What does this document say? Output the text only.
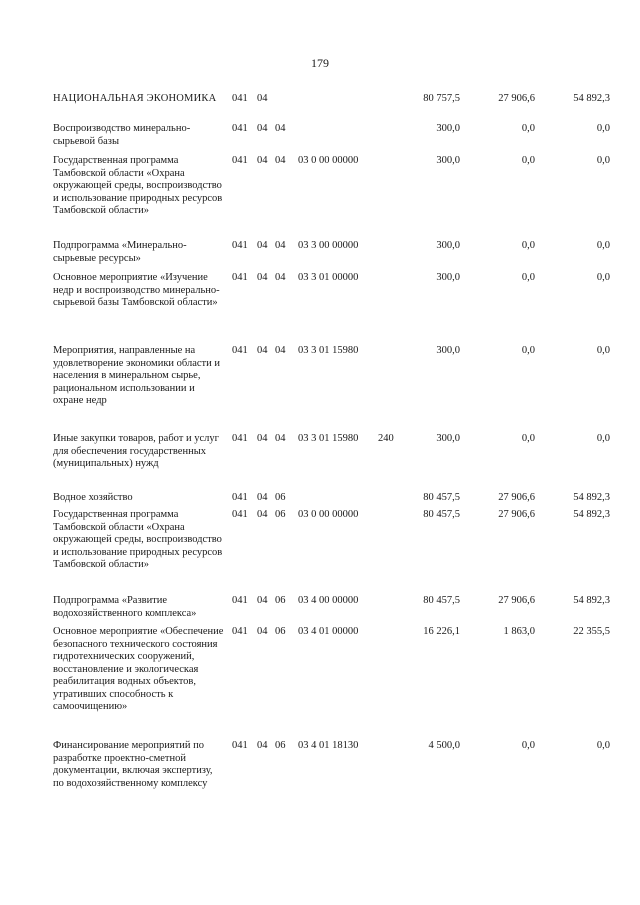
179
НАЦИОНАЛЬНАЯ ЭКОНОМИКА	041 04	80 757,5	27 906,6	54 892,3
Воспроизводство минерально-сырьевой базы
041 04 04	300,0	0,0	0,0
Государственная программа Тамбовской области «Охрана окружающей среды, воспроизводство и использование природных ресурсов Тамбовской области»
041 04 04 03 0 00 00000	300,0	0,0	0,0
Подпрограмма «Минерально-сырьевые ресурсы»
041 04 04 03 3 00 00000	300,0	0,0	0,0
Основное мероприятие «Изучение недр и воспроизводство минерально-сырьевой базы Тамбовской области»
041 04 04 03 3 01 00000	300,0	0,0	0,0
Мероприятия, направленные на удовлетворение экономики области и населения в минеральном сырье, рациональном использовании и охране недр
041 04 04 03 3 01 15980	300,0	0,0	0,0
Иные закупки товаров, работ и услуг для обеспечения государственных (муниципальных) нужд
041 04 04 03 3 01 15980 240	300,0	0,0	0,0
Водное хозяйство	041 04 06	80 457,5	27 906,6	54 892,3
Государственная программа Тамбовской области «Охрана окружающей среды, воспроизводство и использование природных ресурсов Тамбовской области»
041 04 06 03 0 00 00000	80 457,5	27 906,6	54 892,3
Подпрограмма «Развитие водохозяйственного комплекса»
041 04 06 03 4 00 00000	80 457,5	27 906,6	54 892,3
Основное мероприятие «Обеспечение безопасного технического состояния гидротехнических сооружений, восстановление и экологическая реабилитация водных объектов, утративших способность к самоочищению»
041 04 06 03 4 01 00000	16 226,1	1 863,0	22 355,5
Финансирование мероприятий по разработке проектно-сметной документации, включая экспертизу, по водохозяйственному комплексу
041 04 06 03 4 01 18130	4 500,0	0,0	0,0
